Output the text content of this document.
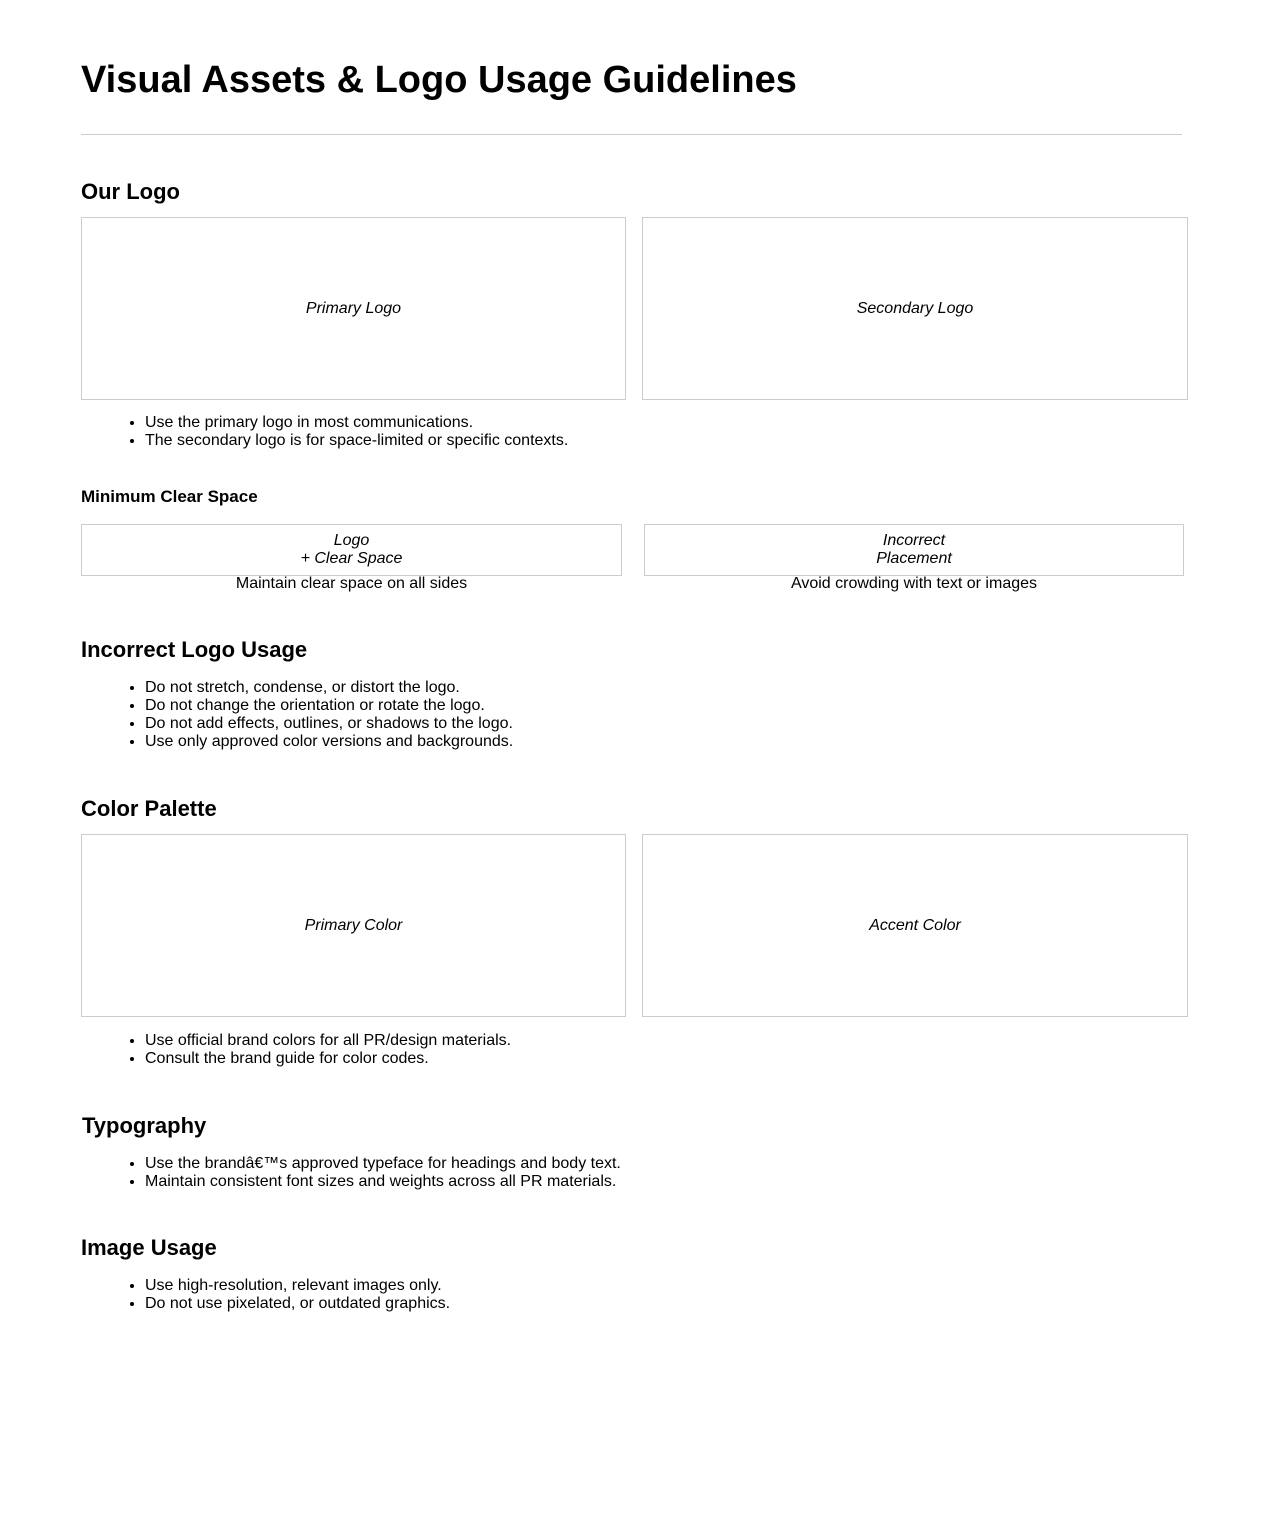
Visual Assets & Logo Usage Guidelines
Our Logo
Primary Logo	Secondary Logo
• Use the primary logo in most communications.
• The secondary logo is for space-limited or specific contexts.
Minimum Clear Space
Logo
+ Clear Space
Maintain clear space on all sides
Incorrect
Placement
Avoid crowding with text or images
Incorrect Logo Usage
• Do not stretch, condense, or distort the logo.
• Do not change the orientation or rotate the logo.
• Do not add effects, outlines, or shadows to the logo.
• Use only approved color versions and backgrounds.
Color Palette
Primary Color	Accent Color
• Use official brand colors for all PR/design materials.
• Consult the brand guide for color codes.
Typography
• Use the brandâ€™s approved typeface for headings and body text.
• Maintain consistent font sizes and weights across all PR materials.
Image Usage
• Use high-resolution, relevant images only.
• Do not use pixelated, or outdated graphics.
